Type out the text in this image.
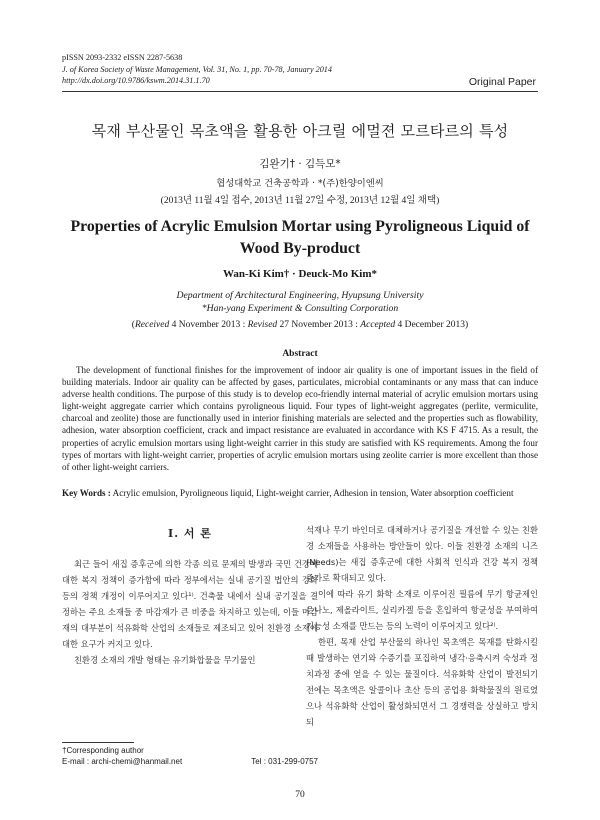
pISSN 2093-2332 eISSN 2287-5638
J. of Korea Society of Waste Management, Vol. 31, No. 1, pp. 70-78, January 2014
http://dx.doi.org/10.9786/kswm.2014.31.1.70	Original Paper
목재 부산물인 목초액을 활용한 아크릴 에멀젼 모르타르의 특성
김완기† · 김득모*
협성대학교 건축공학과 · *(주)한양이엔씨
(2013년 11월 4일 접수, 2013년 11월 27일 수정, 2013년 12월 4일 채택)
Properties of Acrylic Emulsion Mortar using Pyroligneous Liquid of Wood By-product
Wan-Ki Kim† · Deuck-Mo Kim*
Department of Architectural Engineering, Hyupsung University
*Han-yang Experiment & Consulting Corporation
(Received 4 November 2013 : Revised 27 November 2013 : Accepted 4 December 2013)
Abstract
The development of functional finishes for the improvement of indoor air quality is one of important issues in the field of building materials. Indoor air quality can be affected by gases, particulates, microbial contaminants or any mass that can induce adverse health conditions. The purpose of this study is to develop eco-friendly internal material of acrylic emulsion mortars using light-weight aggregate carrier which contains pyroligneous liquid. Four types of light-weight aggregates (perlite, vermiculite, charcoal and zeolite) those are functionally used in interior finishing materials are selected and the properties such as flowability, adhesion, water absorption coefficient, crack and impact resistance are evaluated in accordance with KS F 4715. As a result, the properties of acrylic emulsion mortars using light-weight carrier in this study are satisfied with KS requirements. Among the four types of mortars with light-weight carrier, properties of acrylic emulsion mortars using zeolite carrier is more excellent than those of other light-weight carriers.
Key Words : Acrylic emulsion, Pyroligneous liquid, Light-weight carrier, Adhesion in tension, Water absorption coefficient
I. 서 론

최근 들어 새집 증후군에 의한 각종 의료 문제의 발생과 국민 건강에 대한 복지 정책이 증가함에 따라 정부에서는 실내 공기질 법안의 강화 등의 정책 개정이 이루어지고 있다¹⁾. 건축물 내에서 실내 공기질을 결정하는 주요 소재들 중 마감재가 큰 비중을 차지하고 있는데, 이들 마감재의 대부분이 석유화학 산업의 소재들로 제조되고 있어 친환경 소재에 대한 요구가 커지고 있다.

친환경 소재의 개발 형태는 유기화합물을 무기물인

석재나 무기 바인더로 대체하거나 공기질을 개선할 수 있는 친환경 소재들을 사용하는 방안들이 있다. 이들 친환경 소재의 니즈(Needs)는 새집 증후군에 대한 사회적 인식과 건강 복지 정책 증가로 확대되고 있다.

이에 따라 유기 화학 소재로 이루어진 필름에 무기 항균제인 은나노, 제올라이트, 실리카겔 등을 혼입하여 항균성을 부여하여 기능성 소재를 만드는 등의 노력이 이루어지고 있다²⁾.

한편, 목재 산업 부산물의 하나인 목초액은 목재를 탄화시킬 때 발생하는 연기와 수증기를 포집하여 냉각·응축시켜 숙성과 정치과정 중에 얻을 수 있는 물질이다. 석유화학 산업이 발전되기 전에는 목초액은 알콜이나 초산 등의 공업용 화학물질의 원료였으나 석유화학 산업이 활성화되면서 그 경쟁력을 상실하고 방치되

†Corresponding author
E-mail : archi-chemi@hanmail.net	Tel : 031-299-0757
70
